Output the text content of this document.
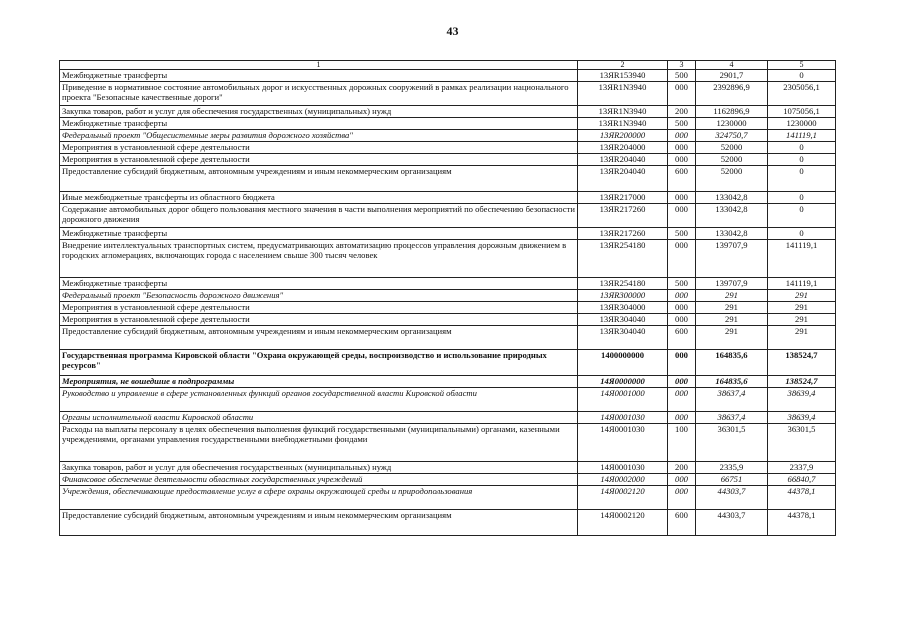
43
1	2	3	4	5
Межбюджетные трансферты	13ЯR153940	500	2901,7	0
Приведение в нормативное состояние автомобильных дорог и искусственных дорожных сооружений в рамках реализации национального проекта "Безопасные качественные дороги"	13ЯR1N3940	000	2392896,9	2305056,1
Закупка товаров, работ и услуг для обеспечения государственных (муниципальных) нужд	13ЯR1N3940	200	1162896,9	1075056,1
Межбюджетные трансферты	13ЯR1N3940	500	1230000	1230000
Федеральный проект "Общесистемные меры развития дорожного хозяйства"	13ЯR200000	000	324750,7	141119,1
Мероприятия в установленной сфере деятельности	13ЯR204000	000	52000	0
Мероприятия в установленной сфере деятельности	13ЯR204040	000	52000	0
Предоставление субсидий бюджетным, автономным учреждениям и иным некоммерческим организациям	13ЯR204040	600	52000	0
Иные межбюджетные трансферты из областного бюджета	13ЯR217000	000	133042,8	0
Содержание автомобильных дорог общего пользования местного значения в части выполнения мероприятий по обеспечению безопасности дорожного движения	13ЯR217260	000	133042,8	0
Межбюджетные трансферты	13ЯR217260	500	133042,8	0
Внедрение интеллектуальных транспортных систем, предусматривающих автоматизацию процессов управления дорожным движением в городских агломерациях, включающих города с населением свыше 300 тысяч человек	13ЯR254180	000	139707,9	141119,1
Межбюджетные трансферты	13ЯR254180	500	139707,9	141119,1
Федеральный проект "Безопасность дорожного движения"	13ЯR300000	000	291	291
Мероприятия в установленной сфере деятельности	13ЯR304000	000	291	291
Мероприятия в установленной сфере деятельности	13ЯR304040	000	291	291
Предоставление субсидий бюджетным, автономным учреждениям и иным некоммерческим организациям	13ЯR304040	600	291	291
Государственная программа Кировской области "Охрана окружающей среды, воспроизводство и использование природных ресурсов"	1400000000	000	164835,6	138524,7
Мероприятия, не вошедшие в подпрограммы	14Я0000000	000	164835,6	138524,7
Руководство и управление в сфере установленных функций органов государственной власти Кировской области	14Я0001000	000	38637,4	38639,4
Органы исполнительной власти Кировской области	14Я0001030	000	38637,4	38639,4
Расходы на выплаты персоналу в целях обеспечения выполнения функций государственными (муниципальными) органами, казенными учреждениями, органами управления государственными внебюджетными фондами	14Я0001030	100	36301,5	36301,5
Закупка товаров, работ и услуг для обеспечения государственных (муниципальных) нужд	14Я0001030	200	2335,9	2337,9
Финансовое обеспечение деятельности областных государственных учреждений	14Я0002000	000	66751	66840,7
Учреждения, обеспечивающие предоставление услуг в сфере охраны окружающей среды и природопользования	14Я0002120	000	44303,7	44378,1
Предоставление субсидий бюджетным, автономным учреждениям и иным некоммерческим организациям	14Я0002120	600	44303,7	44378,1
